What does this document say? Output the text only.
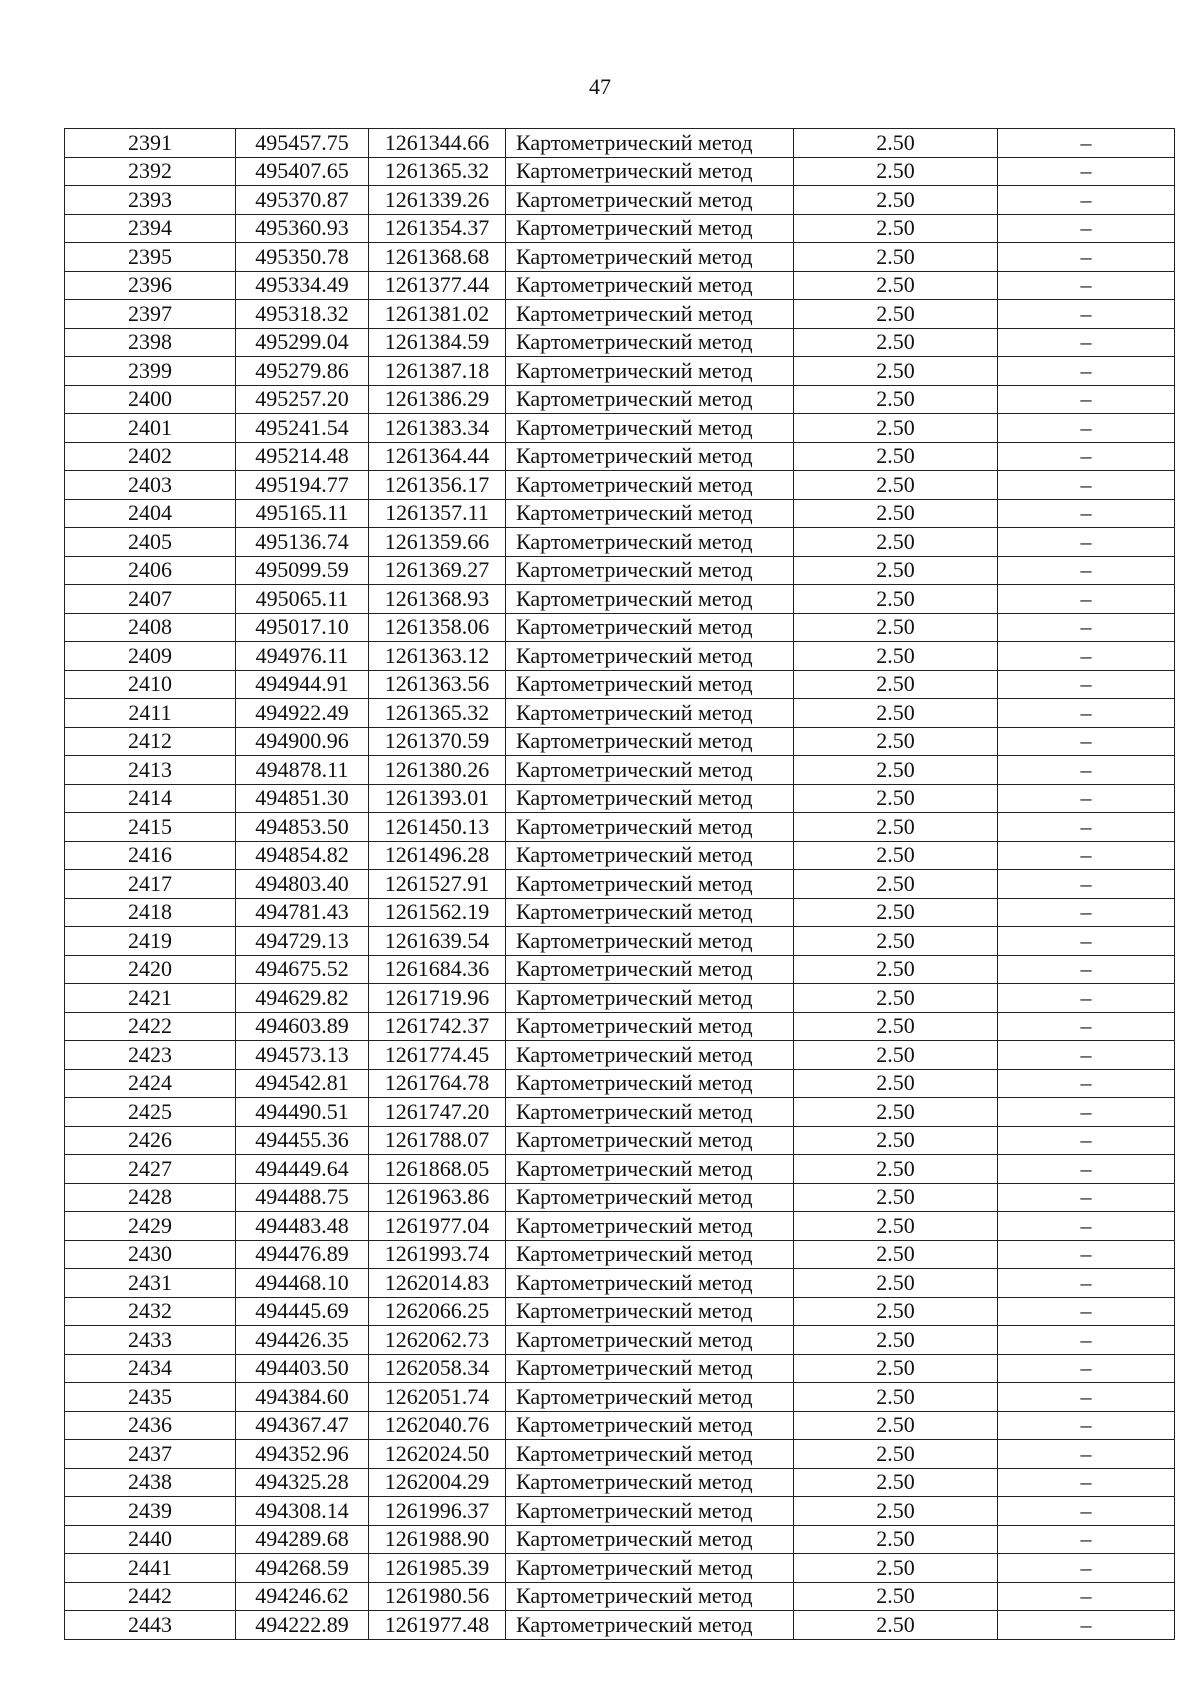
47
2391	495457.75	1261344.66	Картометрический метод	2.50	–
2392	495407.65	1261365.32	Картометрический метод	2.50	–
2393	495370.87	1261339.26	Картометрический метод	2.50	–
2394	495360.93	1261354.37	Картометрический метод	2.50	–
2395	495350.78	1261368.68	Картометрический метод	2.50	–
2396	495334.49	1261377.44	Картометрический метод	2.50	–
2397	495318.32	1261381.02	Картометрический метод	2.50	–
2398	495299.04	1261384.59	Картометрический метод	2.50	–
2399	495279.86	1261387.18	Картометрический метод	2.50	–
2400	495257.20	1261386.29	Картометрический метод	2.50	–
2401	495241.54	1261383.34	Картометрический метод	2.50	–
2402	495214.48	1261364.44	Картометрический метод	2.50	–
2403	495194.77	1261356.17	Картометрический метод	2.50	–
2404	495165.11	1261357.11	Картометрический метод	2.50	–
2405	495136.74	1261359.66	Картометрический метод	2.50	–
2406	495099.59	1261369.27	Картометрический метод	2.50	–
2407	495065.11	1261368.93	Картометрический метод	2.50	–
2408	495017.10	1261358.06	Картометрический метод	2.50	–
2409	494976.11	1261363.12	Картометрический метод	2.50	–
2410	494944.91	1261363.56	Картометрический метод	2.50	–
2411	494922.49	1261365.32	Картометрический метод	2.50	–
2412	494900.96	1261370.59	Картометрический метод	2.50	–
2413	494878.11	1261380.26	Картометрический метод	2.50	–
2414	494851.30	1261393.01	Картометрический метод	2.50	–
2415	494853.50	1261450.13	Картометрический метод	2.50	–
2416	494854.82	1261496.28	Картометрический метод	2.50	–
2417	494803.40	1261527.91	Картометрический метод	2.50	–
2418	494781.43	1261562.19	Картометрический метод	2.50	–
2419	494729.13	1261639.54	Картометрический метод	2.50	–
2420	494675.52	1261684.36	Картометрический метод	2.50	–
2421	494629.82	1261719.96	Картометрический метод	2.50	–
2422	494603.89	1261742.37	Картометрический метод	2.50	–
2423	494573.13	1261774.45	Картометрический метод	2.50	–
2424	494542.81	1261764.78	Картометрический метод	2.50	–
2425	494490.51	1261747.20	Картометрический метод	2.50	–
2426	494455.36	1261788.07	Картометрический метод	2.50	–
2427	494449.64	1261868.05	Картометрический метод	2.50	–
2428	494488.75	1261963.86	Картометрический метод	2.50	–
2429	494483.48	1261977.04	Картометрический метод	2.50	–
2430	494476.89	1261993.74	Картометрический метод	2.50	–
2431	494468.10	1262014.83	Картометрический метод	2.50	–
2432	494445.69	1262066.25	Картометрический метод	2.50	–
2433	494426.35	1262062.73	Картометрический метод	2.50	–
2434	494403.50	1262058.34	Картометрический метод	2.50	–
2435	494384.60	1262051.74	Картометрический метод	2.50	–
2436	494367.47	1262040.76	Картометрический метод	2.50	–
2437	494352.96	1262024.50	Картометрический метод	2.50	–
2438	494325.28	1262004.29	Картометрический метод	2.50	–
2439	494308.14	1261996.37	Картометрический метод	2.50	–
2440	494289.68	1261988.90	Картометрический метод	2.50	–
2441	494268.59	1261985.39	Картометрический метод	2.50	–
2442	494246.62	1261980.56	Картометрический метод	2.50	–
2443	494222.89	1261977.48	Картометрический метод	2.50	–
